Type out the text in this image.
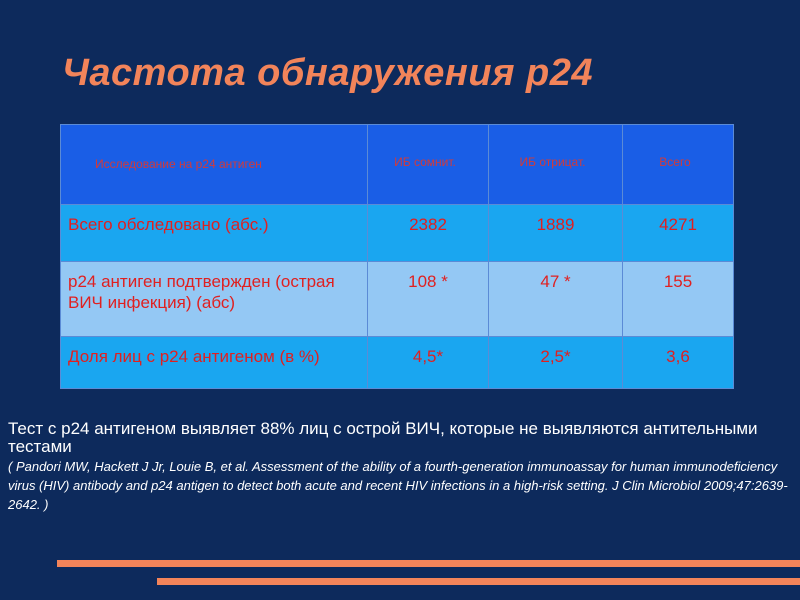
Частота обнаружения p24
Исследование на р24 антиген	ИБ сомнит.	ИБ отрицат.	Всего
Всего обследовано (абс.)	2382	1889	4271
р24 антиген подтвержден (острая ВИЧ инфекция) (абс)	108 *	47 *	155
Доля лиц с р24 антигеном (в %)	4,5*	2,5*	3,6

Тест с р24 антигеном выявляет 88% лиц с острой ВИЧ, которые не выявляются антительными тестами

( Pandori MW, Hackett J Jr, Louie B, et al. Assessment of the ability of a fourth-generation immunoassay for human immunodeficiency virus (HIV) antibody and p24 antigen to detect both acute and recent HIV infections in a high-risk setting. J Clin Microbiol 2009;47:2639-2642. )
